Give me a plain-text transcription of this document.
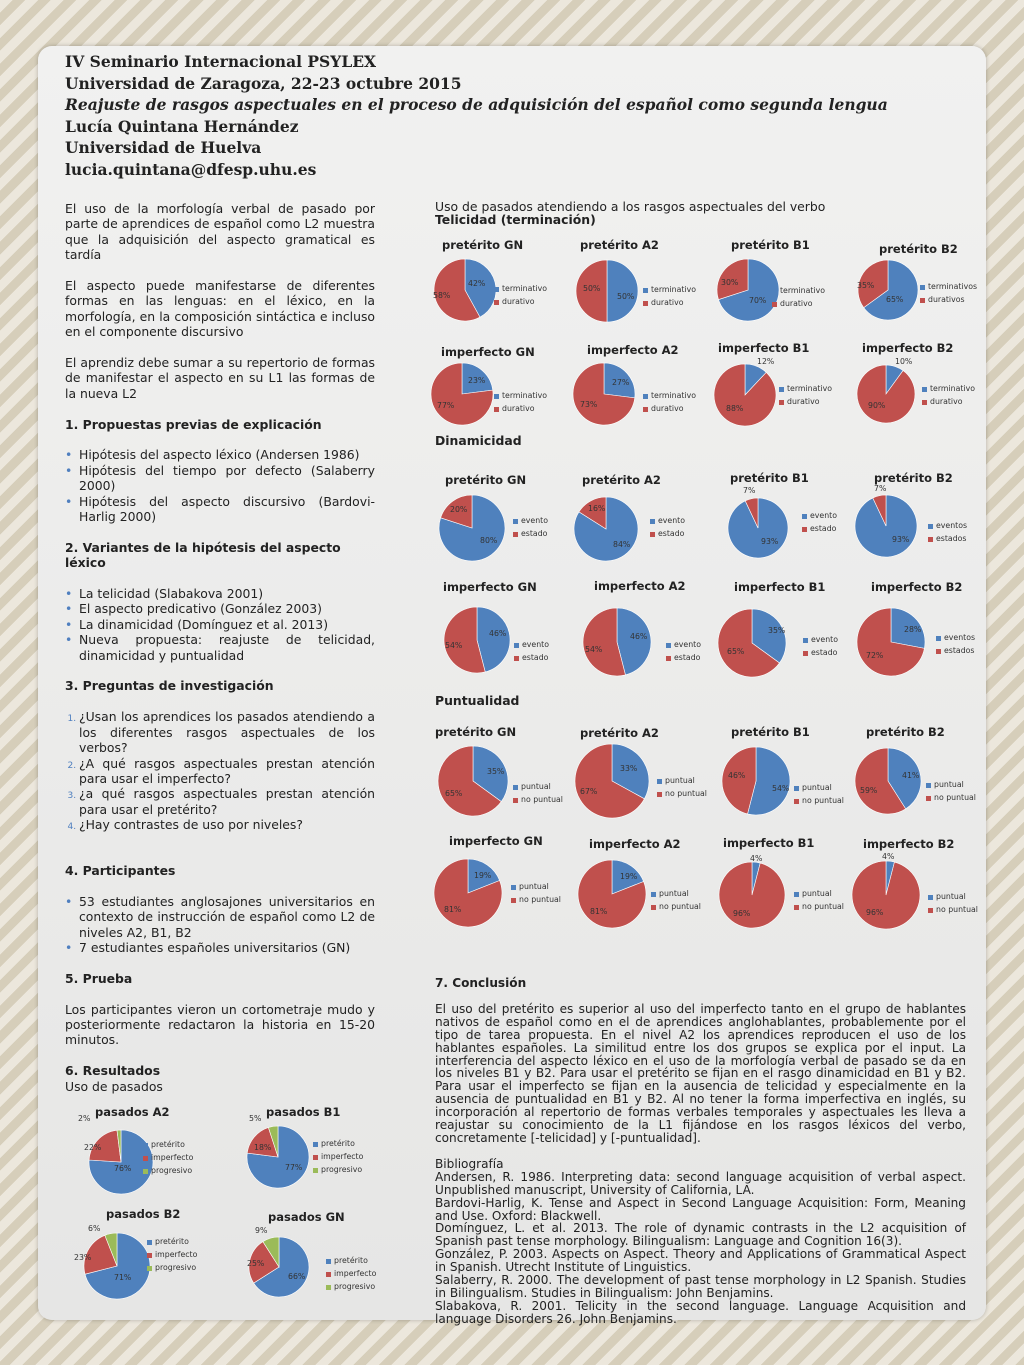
IV Seminario Internacional PSYLEX
Universidad de Zaragoza, 22-23 octubre 2015
Reajuste de rasgos aspectuales en el proceso de adquisición del español como segunda lengua
Lucía Quintana Hernández
Universidad de Huelva
lucia.quintana@dfesp.uhu.es

El uso de la morfología verbal de pasado por parte de aprendices de español como L2 muestra que la adquisición del aspecto gramatical es tardía

El aspecto puede manifestarse de diferentes formas en las lenguas: en el léxico, en la morfología, en la composición sintáctica e incluso en el componente discursivo

El aprendiz debe sumar a su repertorio de formas de manifestar el aspecto en su L1 las formas de la nueva L2

1. Propuestas previas de explicación
• Hipótesis del aspecto léxico (Andersen 1986)
• Hipótesis del tiempo por defecto (Salaberry 2000)
• Hipótesis del aspecto discursivo (Bardovi-Harlig 2000)
2. Variantes de la hipótesis del aspecto léxico
• La telicidad (Slabakova 2001)
• El aspecto predicativo (González 2003)
• La dinamicidad (Domínguez et al. 2013)
• Nueva propuesta: reajuste de telicidad, dinamicidad y puntualidad
3. Preguntas de investigación
1. ¿Usan los aprendices los pasados atendiendo a los diferentes rasgos aspectuales de los verbos?
2. ¿A qué rasgos aspectuales prestan atención para usar el imperfecto?
3. ¿a qué rasgos aspectuales prestan atención para usar el pretérito?
4. ¿Hay contrastes de uso por niveles?
4. Participantes
• 53 estudiantes anglosajones universitarios en contexto de instrucción de español como L2 de niveles A2, B1, B2
• 7 estudiantes españoles universitarios (GN)
5. Prueba

Los participantes vieron un cortometraje mudo y posteriormente redactaron la historia en 15-20 minutos.

6. Resultados
Uso de pasados
Uso de pasados atendiendo a los rasgos aspectuales del verbo
Telicidad (terminación)
Dinamicidad
Puntualidad
pasados A2
76%
22%
2%
pretérito
imperfecto
progresivo
pasados B1
77%
18%
5%
pretérito
imperfecto
progresivo
pasados B2
71%
23%
6%
pretérito
imperfecto
progresivo
pasados GN
66%
25%
9%
pretérito
imperfecto
progresivo
pretérito GN
42%
58%
terminativo
durativo
pretérito A2
50%
50%	terminativo
durativo
pretérito B1
70%
30%
terminativo
durativo
pretérito B2
65%
35%	terminativos
durativos
imperfecto GN
23%
77%
terminativo
durativo
imperfecto A2
27%
73%
terminativo
durativo
imperfecto B1
12%
88%
terminativo
durativo
imperfecto B2
10%
90%
terminativo
durativo
pretérito GN
80%
20%
evento
estado
pretérito A2
84%
16%
evento
estado
pretérito B1
93%
7%
evento
estado
pretérito B2
93%
7%
eventos
estados
imperfecto GN
46%
54%	evento
estado
imperfecto A2
46%
54%
evento
estado
imperfecto B1
35%
65%
evento
estado
imperfecto B2
28%
72%
eventos
estados
pretérito GN
35%
65%
puntual
no puntual
pretérito A2
33%
67%
puntual
no puntual
pretérito B1
54%
46%
puntual
no puntual
pretérito B2
41%
59%
puntual
no puntual
imperfecto GN
19%
81%
puntual
no puntual
imperfecto A2
19%
81%
puntual
no puntual
imperfecto B1
4%
96%
puntual
no puntual
imperfecto B2
4%
96%
puntual
no puntual
7. Conclusión

El uso del pretérito es superior al uso del imperfecto tanto en el grupo de hablantes nativos de español como en el de aprendices anglohablantes, probablemente por el tipo de tarea propuesta. En el nivel A2 los aprendices reproducen el uso de los hablantes españoles. La similitud entre los dos grupos se explica por el input. La interferencia del aspecto léxico en el uso de la morfología verbal de pasado se da en los niveles B1 y B2. Para usar el pretérito se fijan en el rasgo dinamicidad en B1 y B2. Para usar el imperfecto se fijan en la ausencia de telicidad y especialmente en la ausencia de puntualidad en B1 y B2. Al no tener la forma imperfectiva en inglés, su incorporación al repertorio de formas verbales temporales y aspectuales les lleva a reajustar su conocimiento de la L1 fijándose en los rasgos léxicos del verbo, concretamente [-telicidad] y [-puntualidad].

Bibliografía

Andersen, R. 1986. Interpreting data: second language acquisition of verbal aspect. Unpublished manuscript, University of California, LA.

Bardovi-Harlig, K. Tense and Aspect in Second Language Acquisition: Form, Meaning and Use. Oxford: Blackwell.

Domínguez, L. et al. 2013. The role of dynamic contrasts in the L2 acquisition of Spanish past tense morphology. Bilingualism: Language and Cognition 16(3).

González, P. 2003. Aspects on Aspect. Theory and Applications of Grammatical Aspect in Spanish. Utrecht Institute of Linguistics.

Salaberry, R. 2000. The development of past tense morphology in L2 Spanish. Studies in Bilingualism. Studies in Bilingualism: John Benjamins.

Slabakova, R. 2001. Telicity in the second language. Language Acquisition and language Disorders 26. John Benjamins.
